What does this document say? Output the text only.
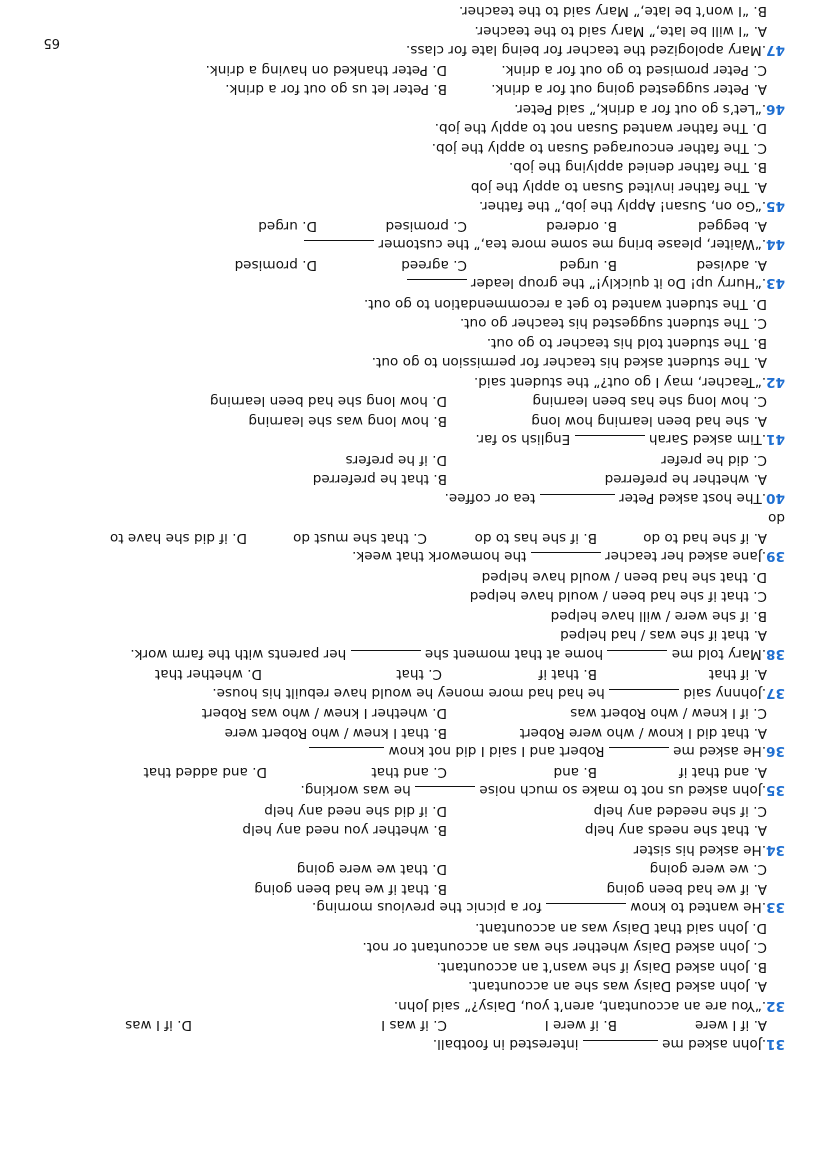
31.John asked me  interested in football.
A. if I were
B. if were I
C. if was I
D. if I was
32.“You are an accountant, aren’t you, Daisy?” said John.
A. John asked Daisy was she an accountant.
B. John asked Daisy if she wasn’t an accountant.
C. John asked Daisy whether she was an accountant or not.
D. John said that Daisy was an accountant.
33.He wanted to know  for a picnic the previous morning.
A. if we had been going
B. that if we had been going
C. we were going
D. that we were going
34.He asked his sister
A. that she needs any help
B. whether you need any help
C. if she needed any help
D. if did she need any help
35.John asked us not to make so much noise  he was working.
A. and that if
B. and
C. and that
D. and added that
36.He asked me  Robert and I said I did not know
A. that did I know / who were Robert
B. that I knew / who Robert were
C. if I knew / who Robert was
D. whether I knew / who was Robert
37.Johnny said  he had had more money he would have rebuilt his house.
A. if that
B. that if
C. that
D. whether that
38.Mary told me  home at that moment she  her parents with the farm work.
A. that if she was / had helped
B. if she were / will have helped
C. that if she had been / would have helped
D. that she had been / would have helped
39.Jane asked her teacher  the homework that week.
A. if she had to do
B. if she has to do
C. that she must do
D. if did she have to
do
40.The host asked Peter  tea or coffee.
A. whether he preferred
B. that he preferred
C. did he prefer
D. if he prefers
41.Tim asked Sarah  English so far.
A. she had been learning how long
B. how long was she learning
C. how long she has been learning
D. how long she had been learning
42.“Teacher, may I go out?” the student said.
A. The student asked his teacher for permission to go out.
B. The student told his teacher to go out.
C. The student suggested his teacher go out.
D. The student wanted to get a recommendation to go out.
43.“Hurry up! Do it quickly!” the group leader
A. advised
B. urged
C. agreed
D. promised
44.“Waiter, please bring me some more tea,” the customer
A. begged
B. ordered
C. promised
D. urged
45.“Go on, Susan! Apply the job,” the father.
A. The father invited Susan to apply the job
B. The father denied applying the job.
C. The father encouraged Susan to apply the job.
D. The father wanted Susan not to apply the job.
46.“Let’s go out for a drink,” said Peter.
A. Peter suggested going out for a drink.
B. Peter let us go out for a drink.
C. Peter promised to go out for a drink.
D. Peter thanked on having a drink.
47.Mary apologized the teacher for being late for class.
A. “I will be late,” Mary said to the teacher.
B. “I won’t be late,” Mary said to the teacher.
65
